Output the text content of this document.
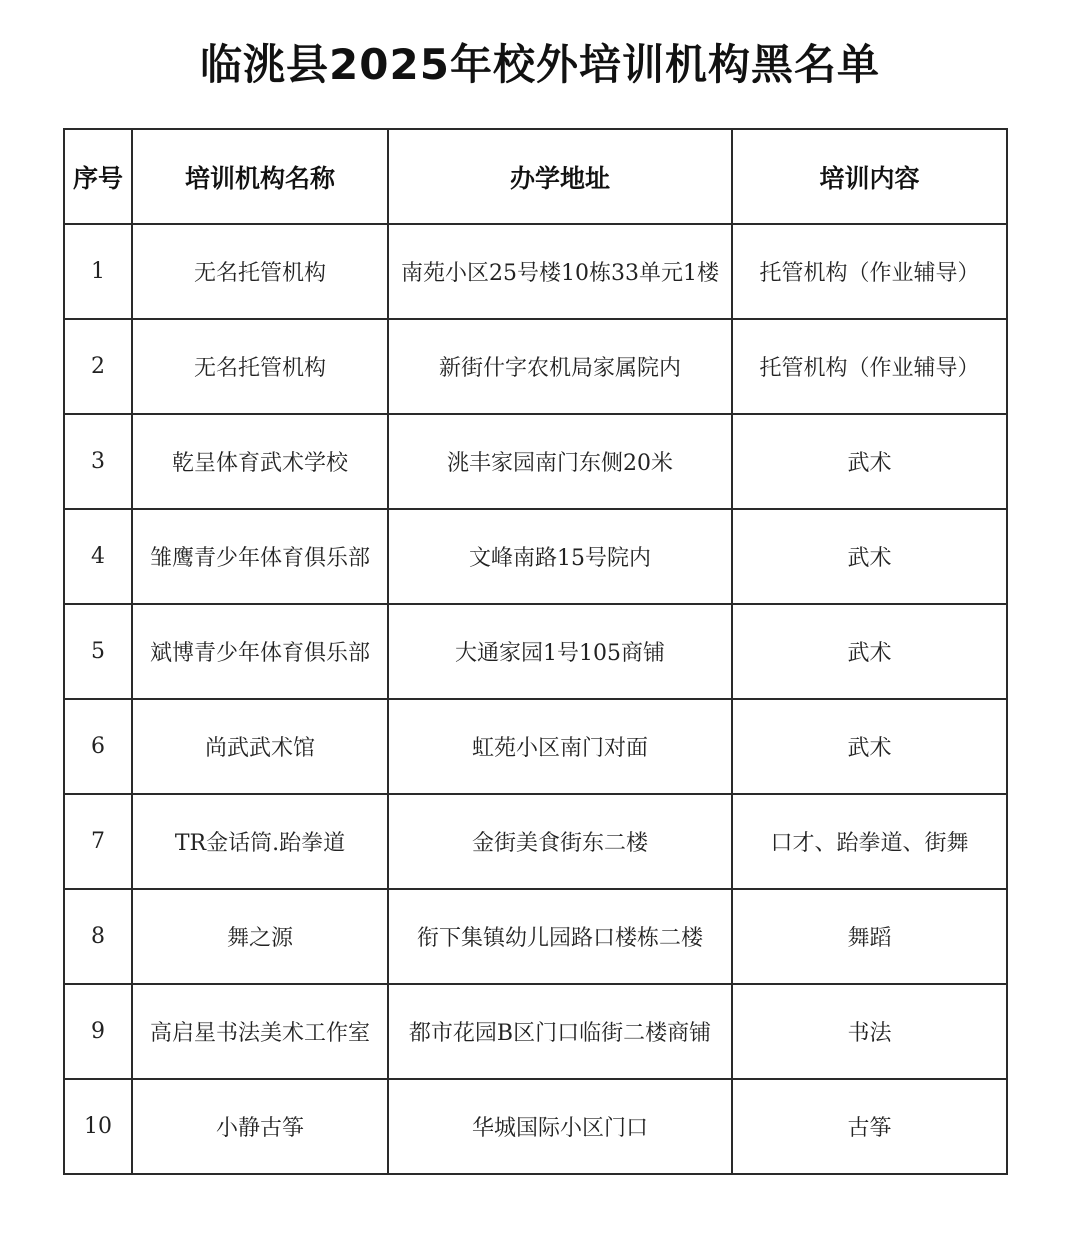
临洮县2025年校外培训机构黑名单
序号	培训机构名称	办学地址	培训内容
1	无名托管机构	南苑小区25号楼10栋33单元1楼	托管机构（作业辅导）
2	无名托管机构	新街什字农机局家属院内	托管机构（作业辅导）
3	乾呈体育武术学校	洮丰家园南门东侧20米	武术
4	雏鹰青少年体育俱乐部	文峰南路15号院内	武术
5	斌博青少年体育俱乐部	大通家园1号105商铺	武术
6	尚武武术馆	虹苑小区南门对面	武术
7	TR金话筒.跆拳道	金街美食街东二楼	口才、跆拳道、街舞
8	舞之源	衔下集镇幼儿园路口楼栋二楼	舞蹈
9	高启星书法美术工作室	都市花园B区门口临街二楼商铺	书法
10	小静古筝	华城国际小区门口	古筝
